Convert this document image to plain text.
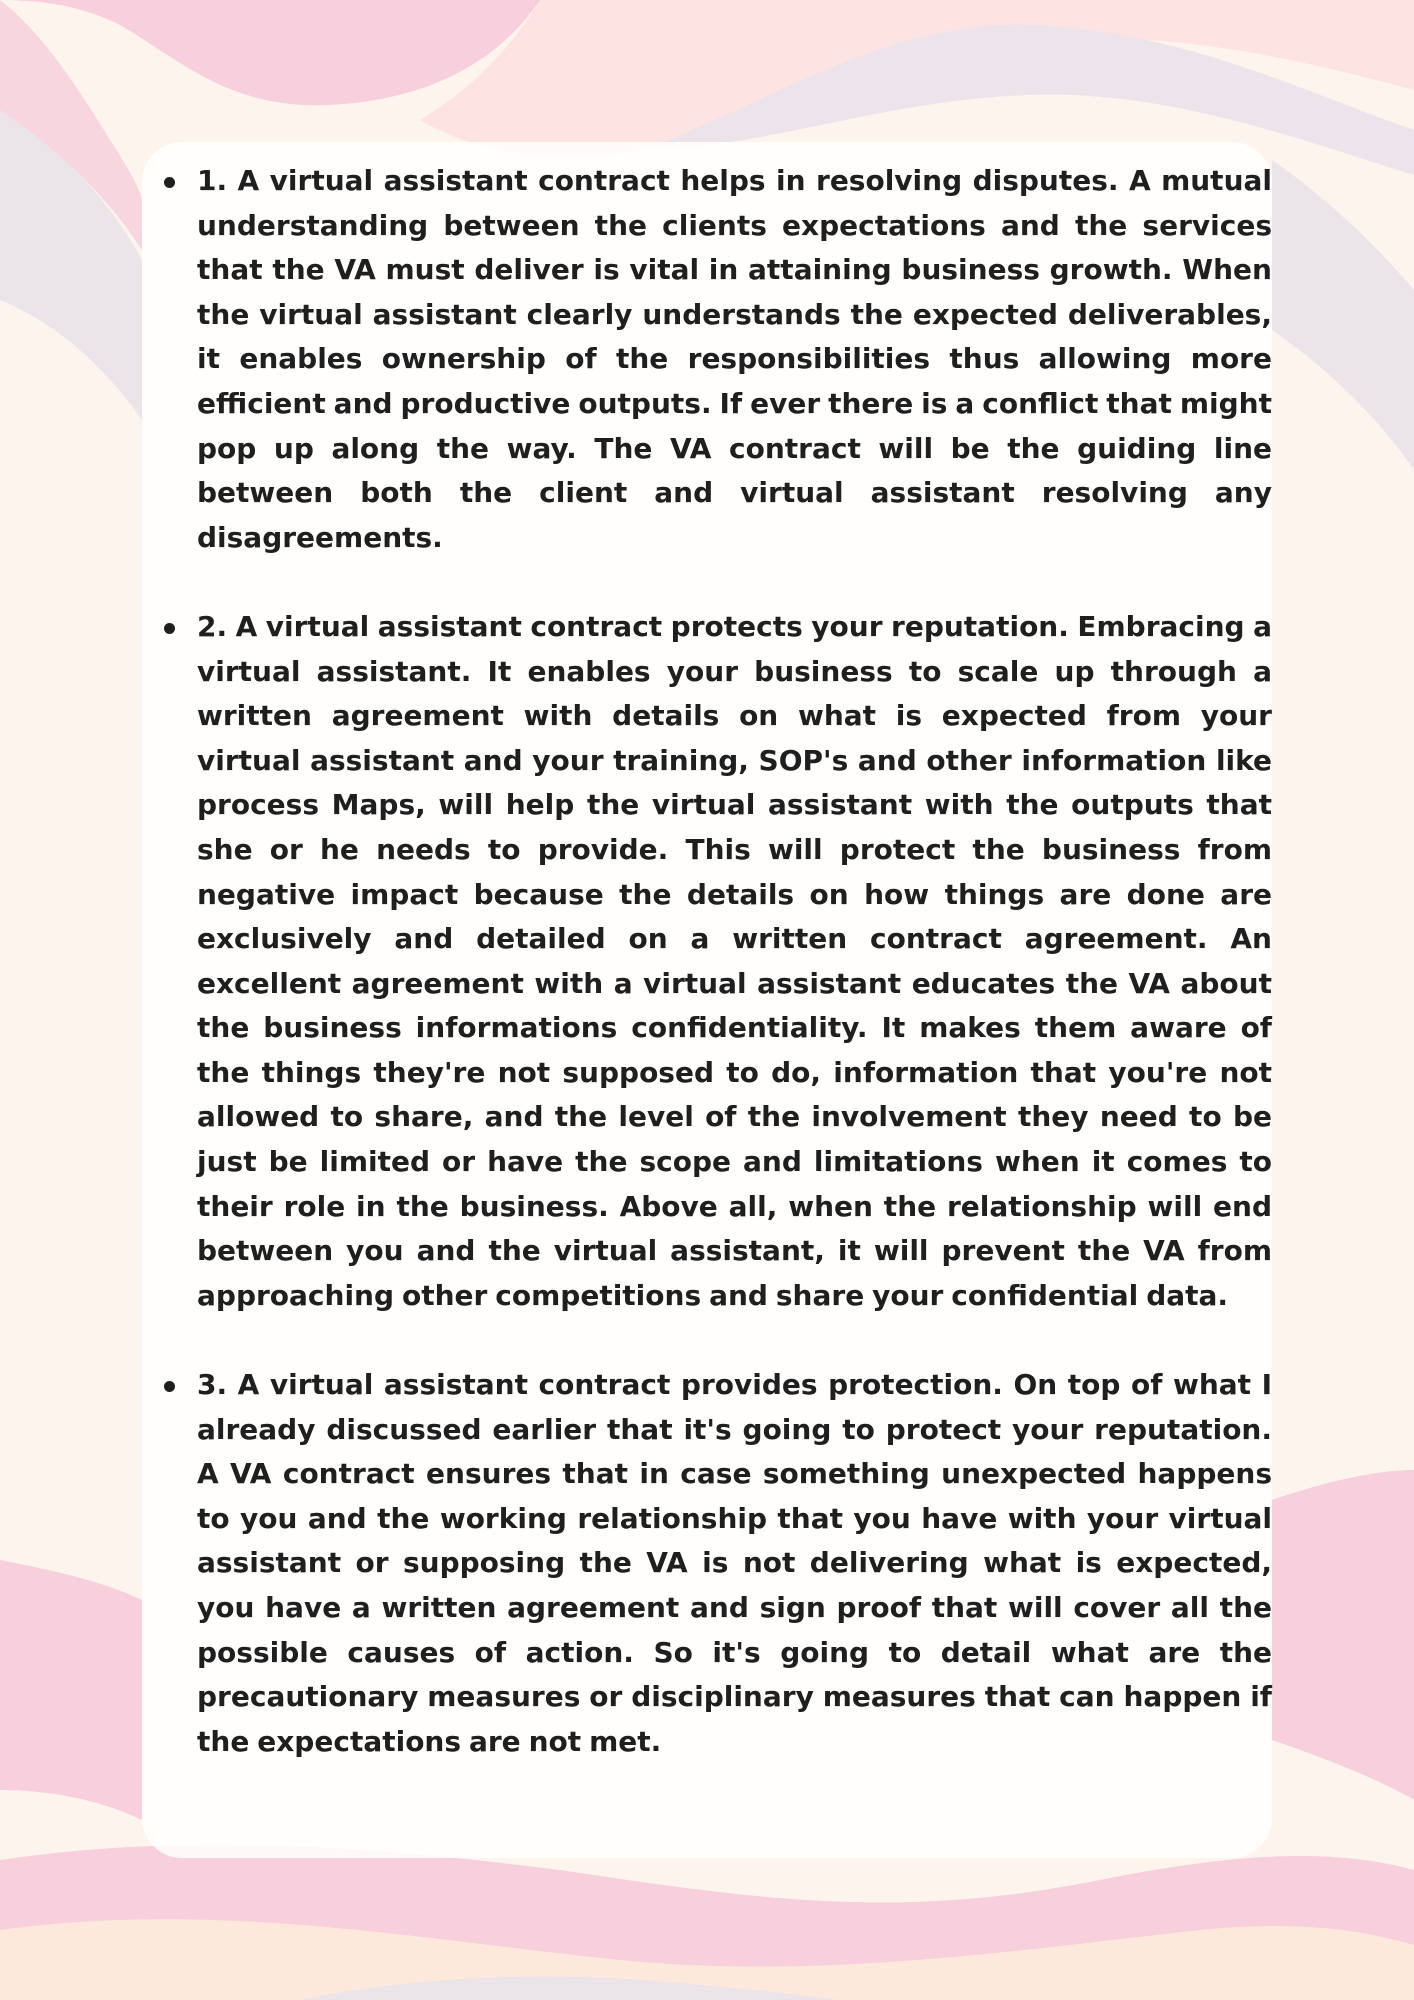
1. A virtual assistant contract helps in resolving disputes. A mutual understanding between the clients expectations and the services that the VA must deliver is vital in attaining business growth. When the virtual assistant clearly understands the expected deliverables, it enables ownership of the responsibilities thus allowing more efficient and productive outputs. If ever there is a conflict that might pop up along the way. The VA contract will be the guiding line between both the client and virtual assistant resolving any disagreements.

2. A virtual assistant contract protects your reputation. Embracing a virtual assistant. It enables your business to scale up through a written agreement with details on what is expected from your virtual assistant and your training, SOP's and other information like process Maps, will help the virtual assistant with the outputs that she or he needs to provide. This will protect the business from negative impact because the details on how things are done are exclusively and detailed on a written contract agreement. An excellent agreement with a virtual assistant educates the VA about the business informations confidentiality. It makes them aware of the things they're not supposed to do, information that you're not allowed to share, and the level of the involvement they need to be just be limited or have the scope and limitations when it comes to their role in the business. Above all, when the relationship will end between you and the virtual assistant, it will prevent the VA from approaching other competitions and share your confidential data.

3. A virtual assistant contract provides protection. On top of what I already discussed earlier that it's going to protect your reputation. A VA contract ensures that in case something unexpected happens to you and the working relationship that you have with your virtual assistant or supposing the VA is not delivering what is expected, you have a written agreement and sign proof that will cover all the possible causes of action. So it's going to detail what are the precautionary measures or disciplinary measures that can happen if the expectations are not met.
